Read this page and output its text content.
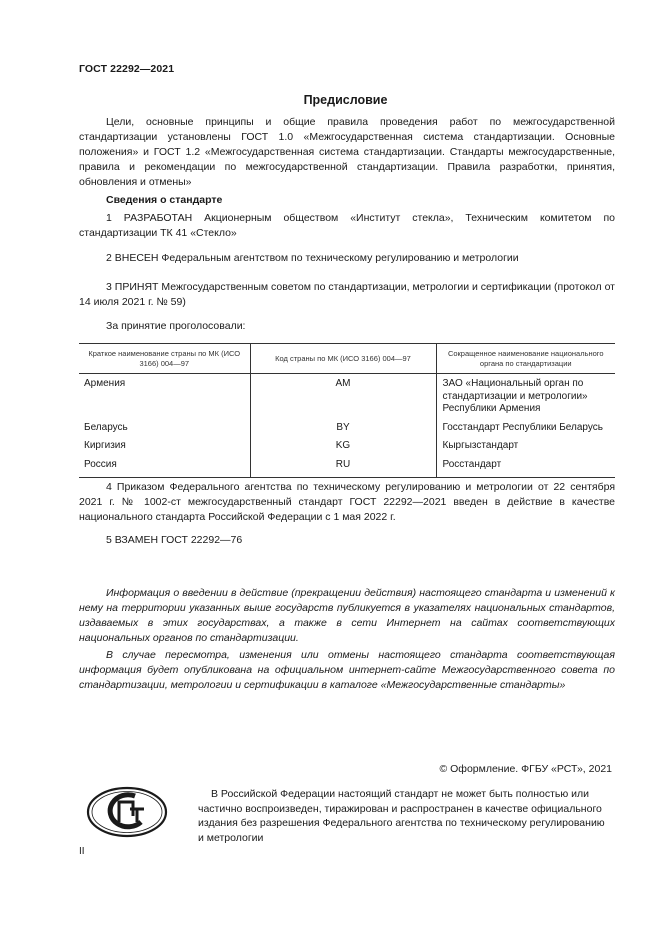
ГОСТ 22292—2021
Предисловие

Цели, основные принципы и общие правила проведения работ по межгосударственной стандартизации установлены ГОСТ 1.0 «Межгосударственная система стандартизации. Основные положения» и ГОСТ 1.2 «Межгосударственная система стандартизации. Стандарты межгосударственные, правила и рекомендации по межгосударственной стандартизации. Правила разработки, принятия, обновления и отмены»

Сведения о стандарте

1 РАЗРАБОТАН Акционерным обществом «Институт стекла», Техническим комитетом по стандартизации ТК 41 «Стекло»

2 ВНЕСЕН Федеральным агентством по техническому регулированию и метрологии

3 ПРИНЯТ Межгосударственным советом по стандартизации, метрологии и сертификации (протокол от 14 июля 2021 г. № 59)

За принятие проголосовали:

Краткое наименование страны по МК (ИСО 3166) 004—97	Код страны по МК (ИСО 3166) 004—97	Сокращенное наименование национального органа по стандартизации
Армения	AM	ЗАО «Национальный орган по стандартизации и метрологии» Республики Армения
Беларусь	BY	Госстандарт Республики Беларусь
Киргизия	KG	Кыргызстандарт
Россия	RU	Росстандарт

4 Приказом Федерального агентства по техническому регулированию и метрологии от 22 сентября 2021 г. № 1002-ст межгосударственный стандарт ГОСТ 22292—2021 введен в действие в качестве национального стандарта Российской Федерации с 1 мая 2022 г.

5 ВЗАМЕН ГОСТ 22292—76

Информация о введении в действие (прекращении действия) настоящего стандарта и изменений к нему на территории указанных выше государств публикуется в указателях национальных стандартов, издаваемых в этих государствах, а также в сети Интернет на сайтах соответствующих национальных органов по стандартизации.

В случае пересмотра, изменения или отмены настоящего стандарта соответствующая информация будет опубликована на официальном интернет-сайте Межгосударственного совета по стандартизации, метрологии и сертификации в каталоге «Межгосударственные стандарты»

© Оформление. ФГБУ «РСТ», 2021

В Российской Федерации настоящий стандарт не может быть полностью или частично воспроизведен, тиражирован и распространен в качестве официального издания без разрешения Федерального агентства по техническому регулированию и метрологии

II
